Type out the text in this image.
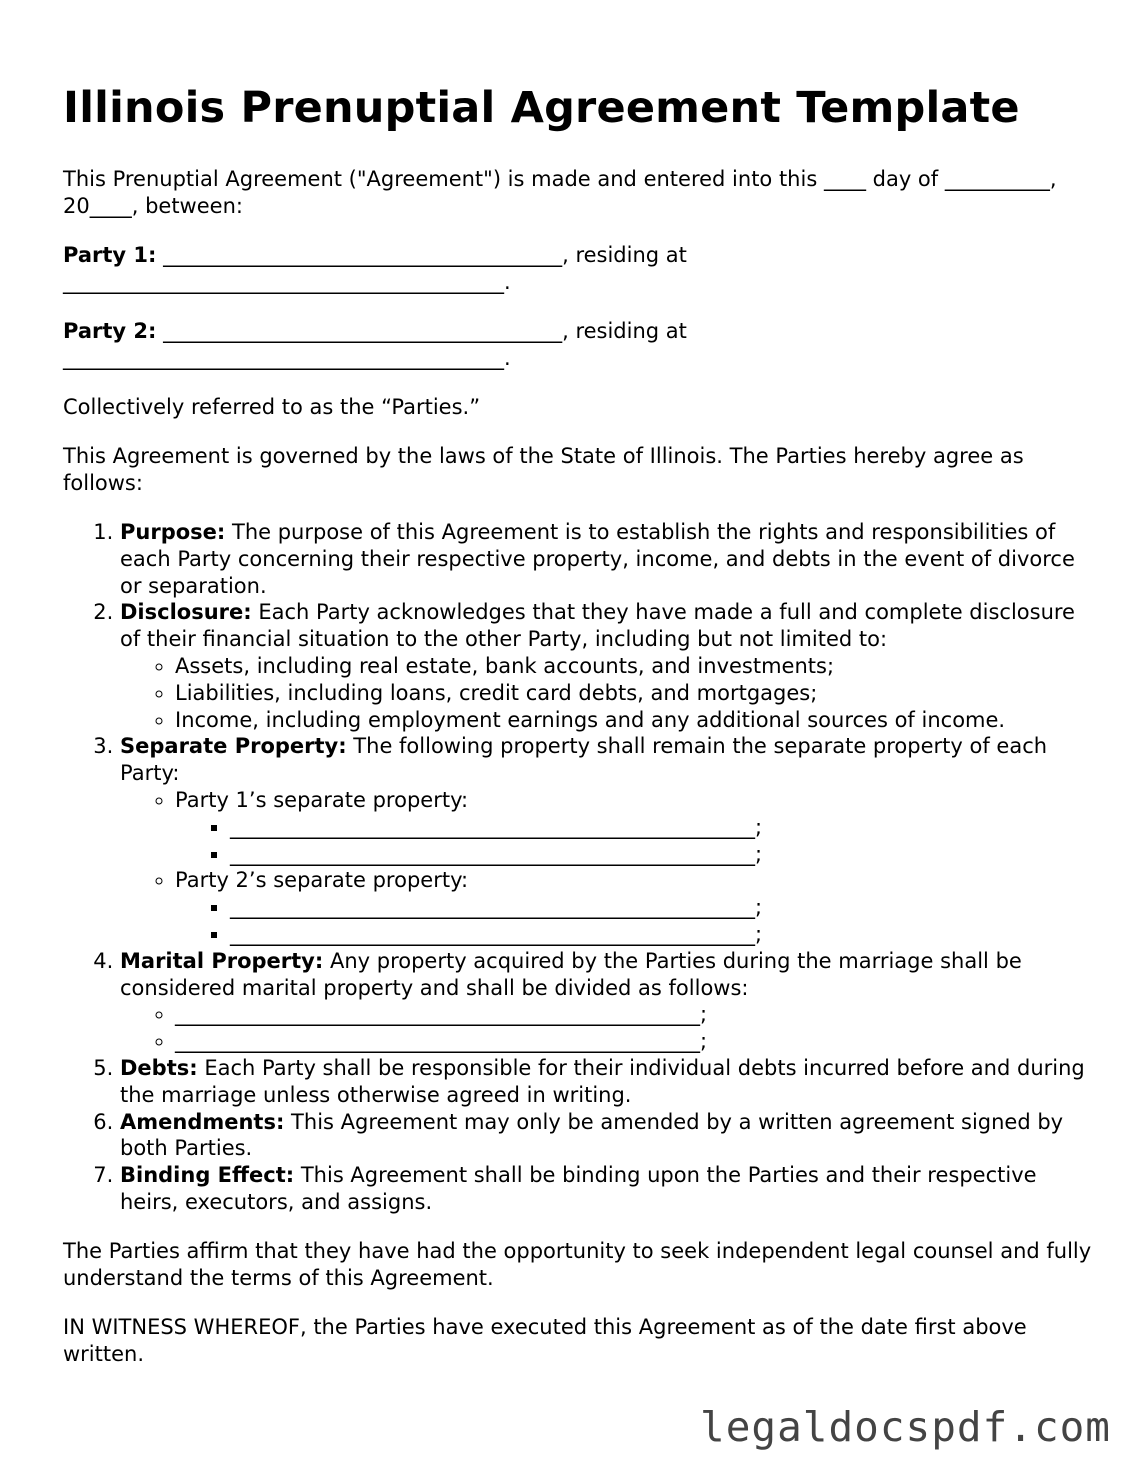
Illinois Prenuptial Agreement Template

This Prenuptial Agreement ("Agreement") is made and entered into this ____ day of __________, 20____, between:

Party 1: ______________________________________, residing at __________________________________________.

Party 2: ______________________________________, residing at __________________________________________.

Collectively referred to as the “Parties.”

This Agreement is governed by the laws of the State of Illinois. The Parties hereby agree as follows:

1. Purpose: The purpose of this Agreement is to establish the rights and responsibilities of each Party concerning their respective property, income, and debts in the event of divorce or separation.
2. Disclosure: Each Party acknowledges that they have made a full and complete disclosure of their financial situation to the other Party, including but not limited to:
◦ Assets, including real estate, bank accounts, and investments;
◦ Liabilities, including loans, credit card debts, and mortgages;
◦ Income, including employment earnings and any additional sources of income.
3. Separate Property: The following property shall remain the separate property of each Party:
◦ Party 1’s separate property:
▪ __________________________________________________;
▪ __________________________________________________;
◦ Party 2’s separate property:
▪ __________________________________________________;
▪ __________________________________________________;
4. Marital Property: Any property acquired by the Parties during the marriage shall be considered marital property and shall be divided as follows:
◦ __________________________________________________;
◦ __________________________________________________;
5. Debts: Each Party shall be responsible for their individual debts incurred before and during the marriage unless otherwise agreed in writing.
6. Amendments: This Agreement may only be amended by a written agreement signed by both Parties.
7. Binding Effect: This Agreement shall be binding upon the Parties and their respective heirs, executors, and assigns.

The Parties affirm that they have had the opportunity to seek independent legal counsel and fully understand the terms of this Agreement.

IN WITNESS WHEREOF, the Parties have executed this Agreement as of the date first above written.

legaldocspdf.com
